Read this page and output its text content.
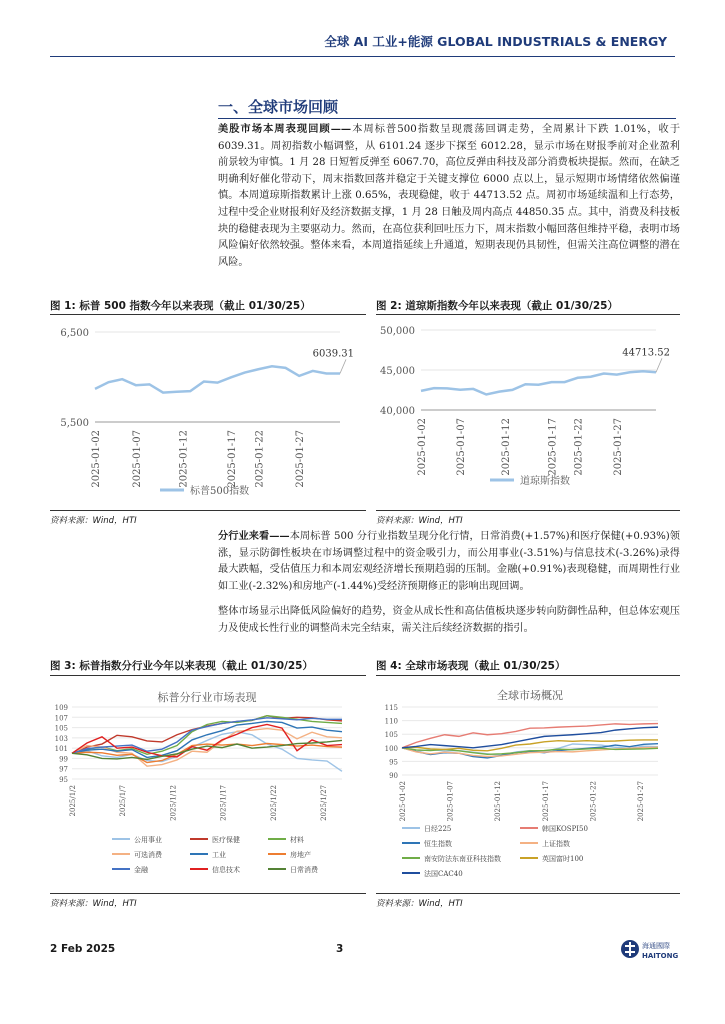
全球 AI 工业+能源 GLOBAL INDUSTRIALS & ENERGY
一、全球市场回顾
美股市场本周表现回顾——本周标普500指数呈现震荡回调走势，全周累计下跌 1.01%，收于 6039.31。周初指数小幅调整，从 6101.24 逐步下探至 6012.28，显示市场在财报季前对企业盈利前景较为审慎。1 月 28 日短暂反弹至 6067.70，高位反弹由科技及部分消费板块提振。然而，在缺乏明确利好催化带动下，周末指数回落并稳定于关键支撑位 6000 点以上，显示短期市场情绪依然偏谨慎。本周道琼斯指数累计上涨 0.65%，表现稳健，收于 44713.52 点。周初市场延续温和上行态势，过程中受企业财报利好及经济数据支撑，1 月 28 日触及周内高点 44850.35 点。其中，消费及科技板块的稳健表现为主要驱动力。然而，在高位获利回吐压力下，周末指数小幅回落但维持平稳，表明市场风险偏好依然较强。整体来看，本周道指延续上升通道，短期表现仍具韧性，但需关注高位调整的潜在风险。
图 1: 标普 500 指数今年以来表现（截止 01/30/25）	图 2: 道琼斯指数今年以来表现（截止 01/30/25）
5,500
6,500
6039.31
2025-01-02	2025-01-07	2025-01-12	2025-01-17 2025-01-22	2025-01-27
标普500指数
40,000
45,000
50,000
44713.52
2025-01-02	2025-01-07	2025-01-12	2025-01-17 2025-01-22	2025-01-27
道琼斯指数
资料来源：Wind，HTI	资料来源：Wind，HTI
分行业来看——本周标普 500 分行业指数呈现分化行情，日常消费(+1.57%)和医疗保健(+0.93%)领涨，显示防御性板块在市场调整过程中的资金吸引力，而公用事业(-3.51%)与信息技术(-3.26%)录得最大跌幅，受估值压力和本周宏观经济增长预期趋弱的压制。金融(+0.91%)表现稳健，而周期性行业如工业(-2.32%)和房地产(-1.44%)受经济预期修正的影响出现回调。
整体市场显示出降低风险偏好的趋势，资金从成长性和高估值板块逐步转向防御性品种，但总体宏观压力及使成长性行业的调整尚未完全结束，需关注后续经济数据的指引。
图 3: 标普指数分行业今年以来表现（截止 01/30/25）	图 4: 全球市场表现（截止 01/30/25）
标普分行业市场表现
95
97
99
101
103
105
107
109
2025/1/2	2025/1/7	2025/1/12	2025/1/17	2025/1/22	2025/1/27
公用事业	医疗保健	材料
可选消费	工业	房地产
金融	信息技术	日常消费
全球市场概况
90
95
100
105
110
115
2025-01-02	2025-01-07	2025-01-12	2025-01-17	2025-01-22	2025-01-27
日经225	韩国KOSPI50
恒生指数	上证指数
南安防法东南亚科技指数	英国富时100
法国CAC40
资料来源：Wind，HTI	资料来源：Wind，HTI
2 Feb 2025	3	海通國際
HAITONG
